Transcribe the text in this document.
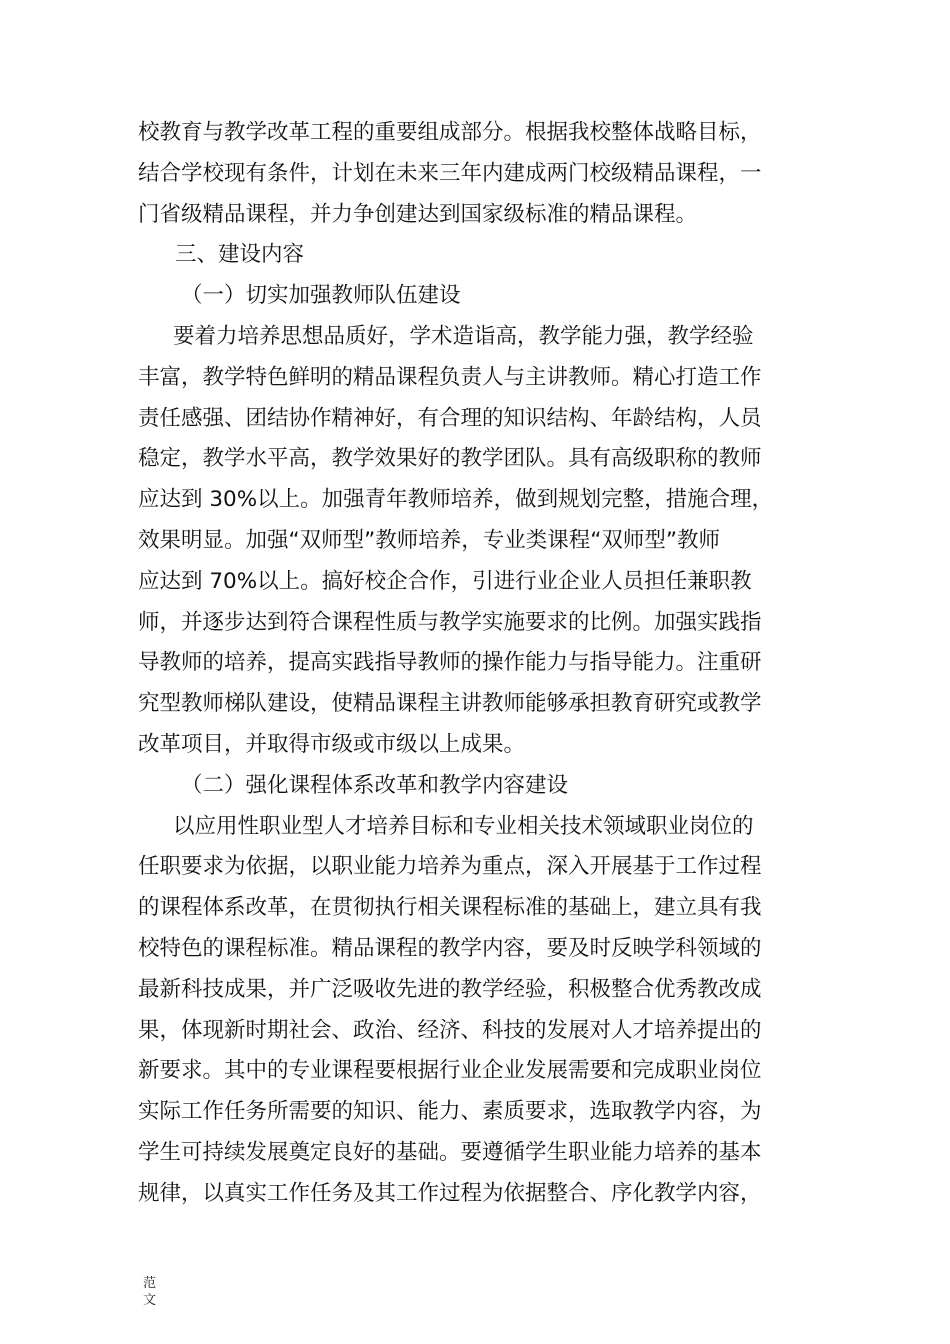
校教育与教学改革工程的重要组成部分。根据我校整体战略目标，
结合学校现有条件，计划在未来三年内建成两门校级精品课程，一
门省级精品课程，并力争创建达到国家级标准的精品课程。
三、建设内容
（一）切实加强教师队伍建设
要着力培养思想品质好，学术造诣高，教学能力强，教学经验
丰富，教学特色鲜明的精品课程负责人与主讲教师。精心打造工作
责任感强、团结协作精神好，有合理的知识结构、年龄结构，人员
稳定，教学水平高，教学效果好的教学团队。具有高级职称的教师
应达到 30%以上。加强青年教师培养，做到规划完整，措施合理，
效果明显。加强“双师型”教师培养，专业类课程“双师型”教师
应达到 70%以上。搞好校企合作，引进行业企业人员担任兼职教
师，并逐步达到符合课程性质与教学实施要求的比例。加强实践指
导教师的培养，提高实践指导教师的操作能力与指导能力。注重研
究型教师梯队建设，使精品课程主讲教师能够承担教育研究或教学
改革项目，并取得市级或市级以上成果。
（二）强化课程体系改革和教学内容建设
以应用性职业型人才培养目标和专业相关技术领域职业岗位的
任职要求为依据，以职业能力培养为重点，深入开展基于工作过程
的课程体系改革，在贯彻执行相关课程标准的基础上，建立具有我
校特色的课程标准。精品课程的教学内容，要及时反映学科领域的
最新科技成果，并广泛吸收先进的教学经验，积极整合优秀教改成
果，体现新时期社会、政治、经济、科技的发展对人才培养提出的
新要求。其中的专业课程要根据行业企业发展需要和完成职业岗位
实际工作任务所需要的知识、能力、素质要求，选取教学内容，为
学生可持续发展奠定良好的基础。要遵循学生职业能力培养的基本
规律，以真实工作任务及其工作过程为依据整合、序化教学内容，
范
文
